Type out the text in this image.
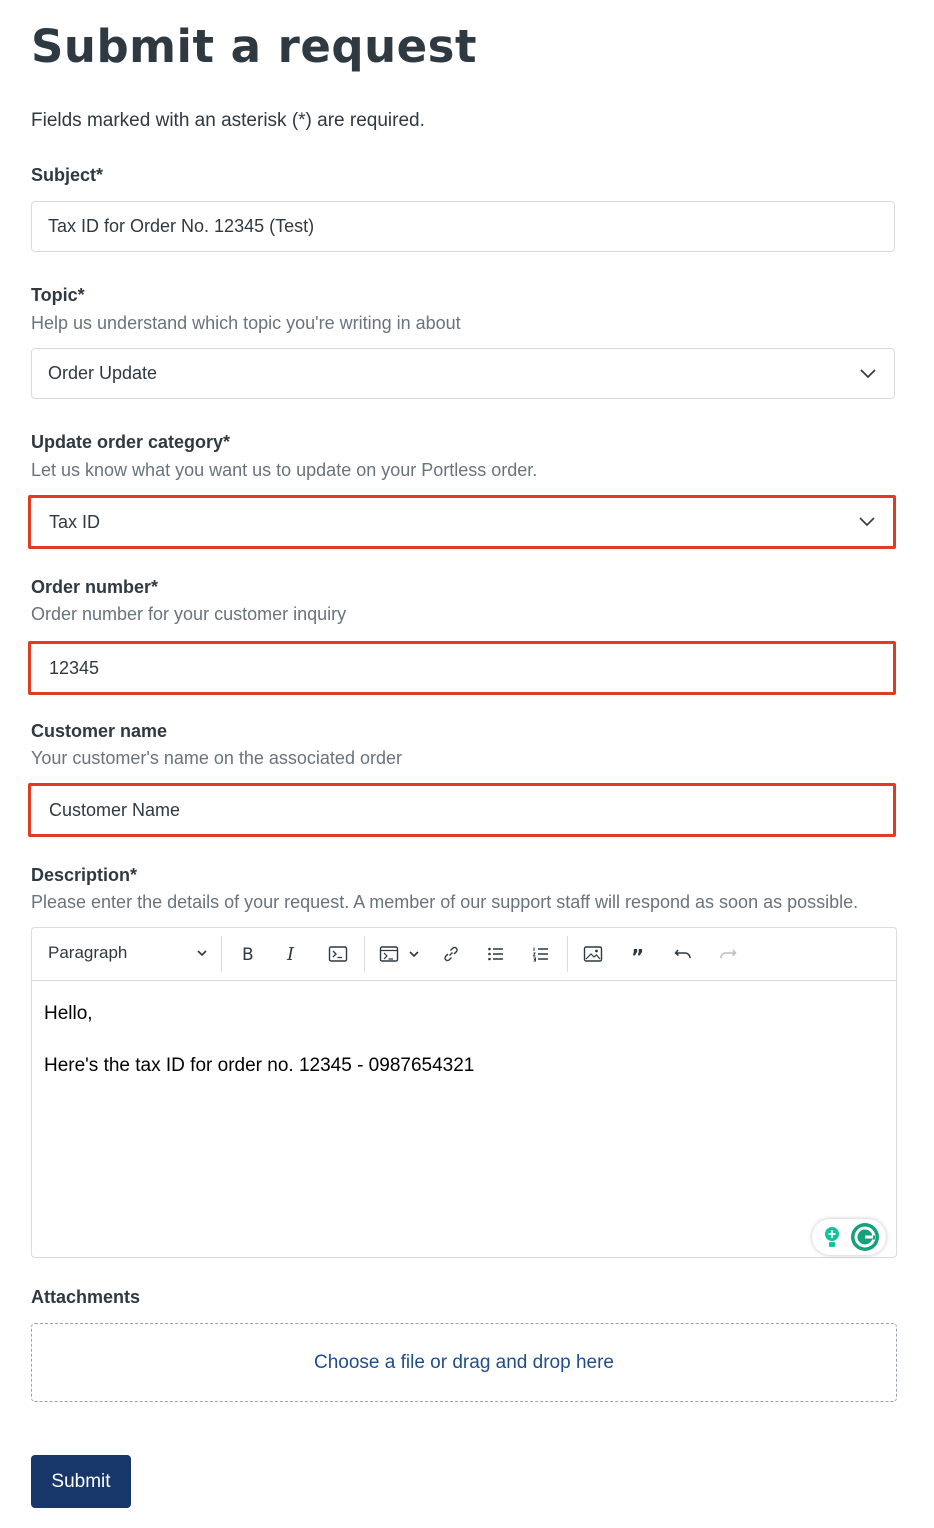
Submit a request
Fields marked with an asterisk (*) are required.
Subject*
Tax ID for Order No. 12345 (Test)
Topic*
Help us understand which topic you're writing in about
Order Update
Update order category*
Let us know what you want us to update on your Portless order.
Tax ID
Order number*
Order number for your customer inquiry
12345
Customer name
Your customer's name on the associated order
Customer Name
Description*
Please enter the details of your request. A member of our support staff will respond as soon as possible.
Paragraph	B I	”

Hello,

Here's the tax ID for order no. 12345 - 0987654321

Attachments
Choose a file or drag and drop here
Submit
